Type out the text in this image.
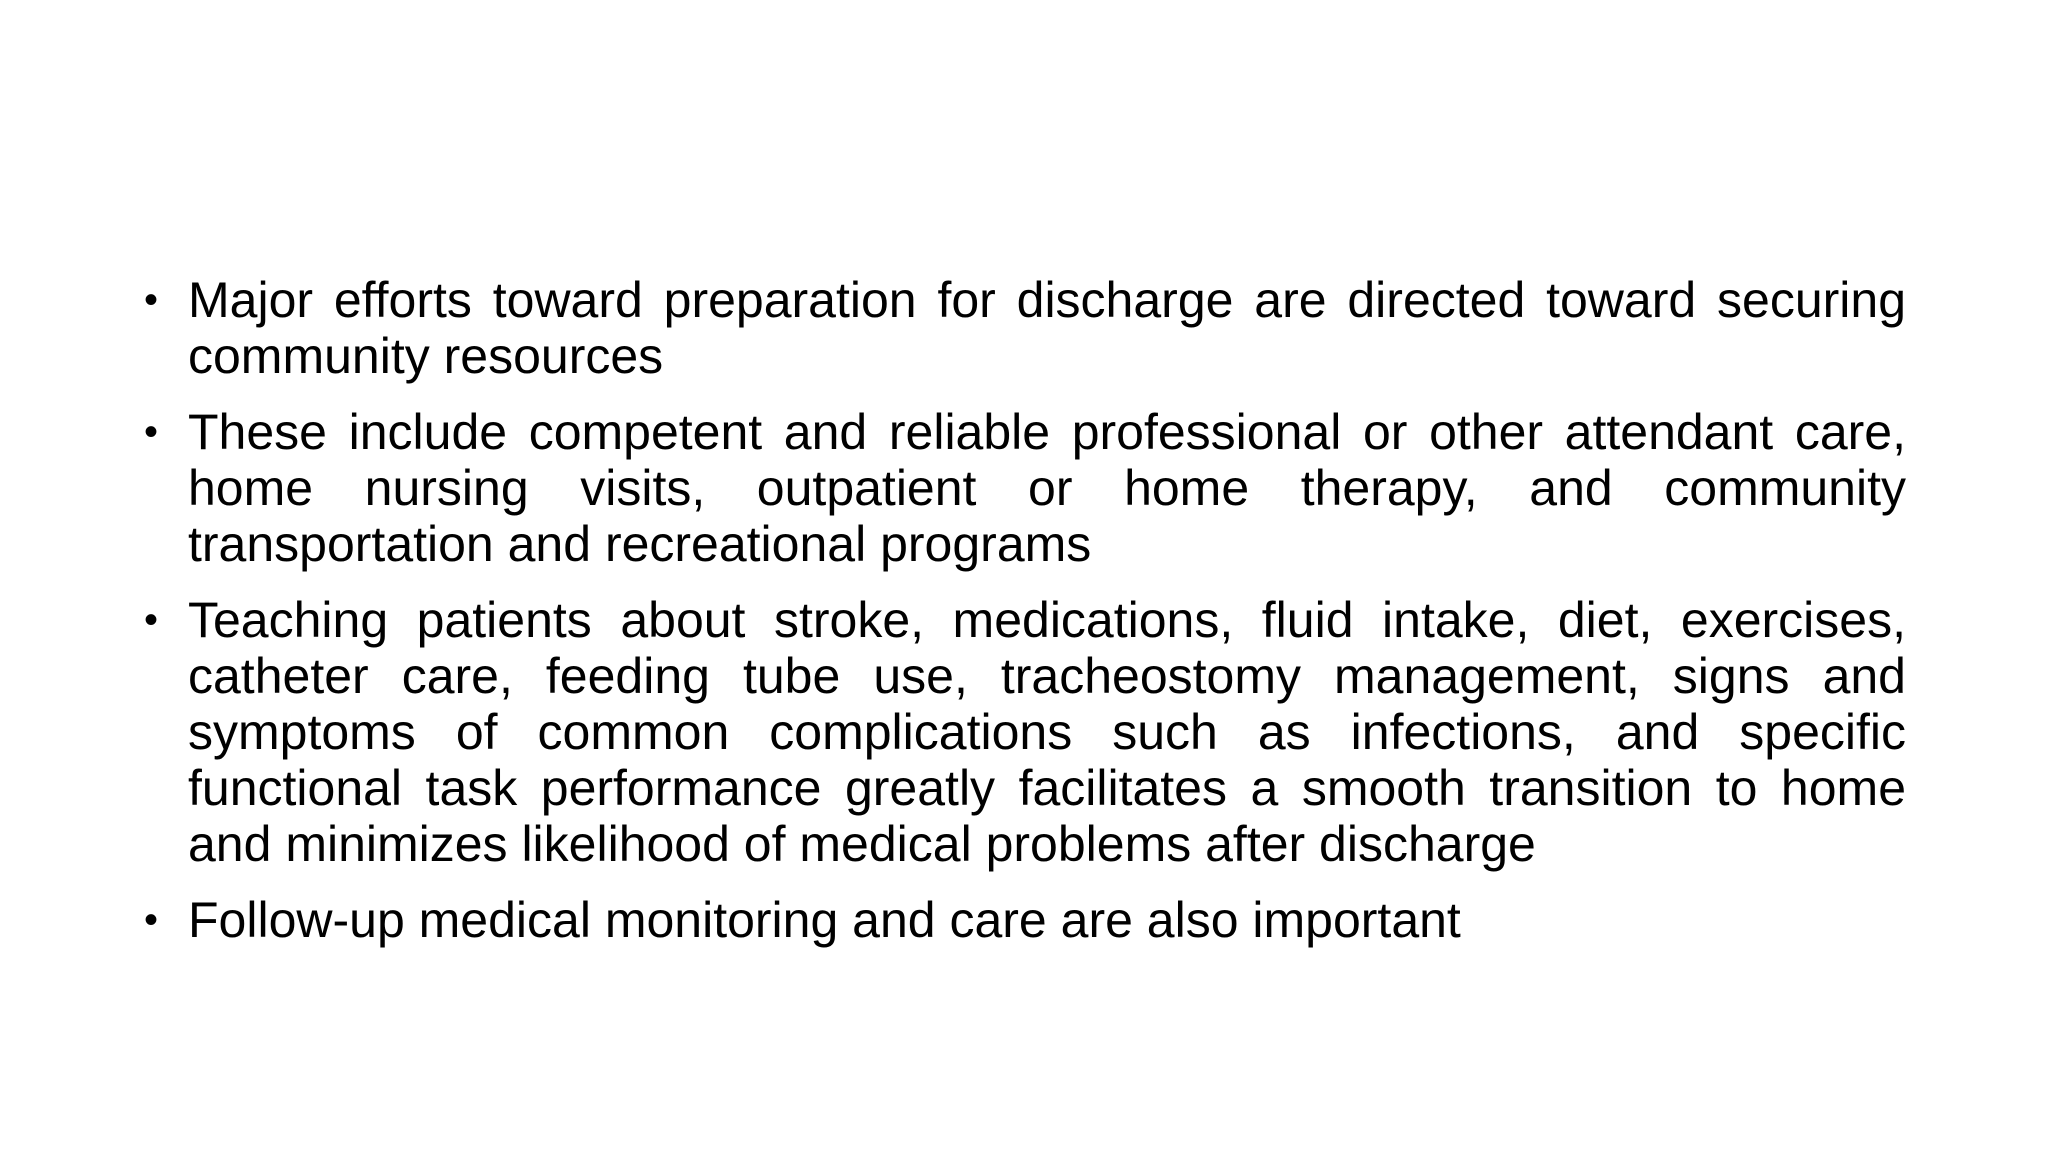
• Major efforts toward preparation for discharge are directed toward securing community resources
• These include competent and reliable professional or other attendant care, home nursing visits, outpatient or home therapy, and community transportation and recreational programs
• Teaching patients about stroke, medications, fluid intake, diet, exercises, catheter care, feeding tube use, tracheostomy management, signs and symptoms of common complications such as infections, and specific functional task performance greatly facilitates a smooth transition to home and minimizes likelihood of medical problems after discharge
• Follow-up medical monitoring and care are also important
